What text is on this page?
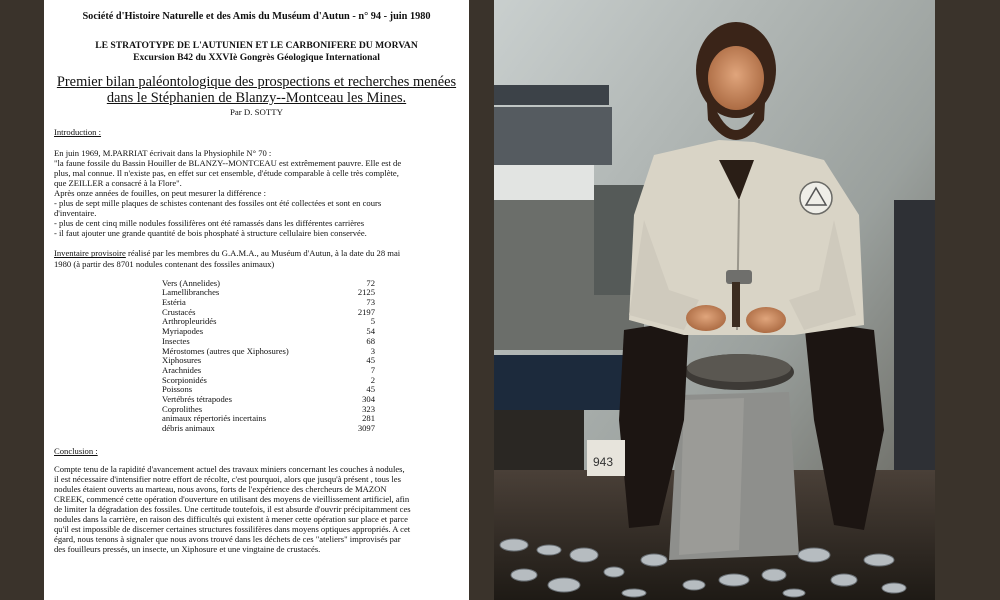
Société d'Histoire Naturelle et des Amis du Muséum d'Autun - n° 94 - juin 1980
LE STRATOTYPE DE L'AUTUNIEN ET LE CARBONIFERE DU MORVAN
Excursion B42 du XXVIè Gongrès Géologique International
Premier bilan paléontologique des prospections et recherches menées
dans le Stéphanien de Blanzy--Montceau les Mines.
Par D. SOTTY
Introduction :

En juin 1969, M.PARRIAT écrivait dans la Physiophile N° 70 :

"la faune fossile du Bassin Houiller de BLANZY--MONTCEAU est extrêmement pauvre. Elle est de

plus, mal connue. Il n'existe pas, en effet sur cet ensemble, d'étude comparable à celle très complète,

que ZEILLER a consacré à la Flore".

Après onze années de fouilles, on peut mesurer la différence :

- plus de sept mille plaques de schistes contenant des fossiles ont été collectées et sont en cours

d'inventaire.

- plus de cent cinq mille nodules fossilifères ont été ramassés dans les différentes carrières

- il faut ajouter une grande quantité de bois phosphaté à structure cellulaire bien conservée.

Inventaire provisoire réalisé par les membres du G.A.M.A., au Muséum d'Autun, à la date du 28 mai

1980 (à partir des 8701 nodules contenant des fossiles animaux)

Vers (Annelides)	72
Lamellibranches	2125
Estéria	73
Crustacés	2197
Arthropleuridés	5
Myriapodes	54
Insectes	68
Mérostomes (autres que Xiphosures)	3
Xiphosures	45
Arachnides	7
Scorpionidés	2
Poissons	45
Vertébrés tétrapodes	304
Coprolithes	323
animaux répertoriés incertains	281
débris animaux	3097
Conclusion :

Compte tenu de la rapidité d'avancement actuel des travaux miniers concernant les couches à nodules,

il est nécessaire d'intensifier notre effort de récolte, c'est pourquoi, alors que jusqu'à présent , tous les

nodules étaient ouverts au marteau, nous avons, forts de l'expérience des chercheurs de MAZON

CREEK, commencé cette opération d'ouverture en utilisant des moyens de vieillissement artificiel, afin

de limiter la dégradation des fossiles. Une certitude toutefois, il est absurde d'ouvrir précipitamment ces

nodules dans la carrière, en raison des difficultés qui existent à mener cette opération sur place et parce

qu'il est impossible de discerner certaines structures fossilifères dans moyens optiques appropriés. A cet

égard, nous tenons à signaler que nous avons trouvé dans les déchets de ces "ateliers" improvisés par

des fouilleurs pressés, un insecte, un Xiphosure et une vingtaine de crustacés.

943
